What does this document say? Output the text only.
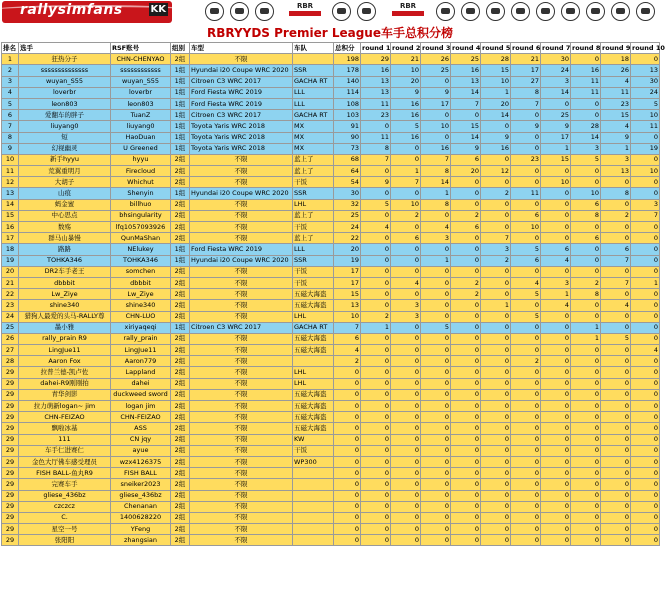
rallysimfans	KK	RBR	RBR
RBRYYDS Premier League车手总积分榜
排名	选手	RSF账号	组别	车型	车队	总积分	round 1	round 2	round 3	round 4	round 5	round 6	round 7	round 8	round 9	round 10
1	狂热分子	CHN-CHENYAO	2组	不限		198	29	21	26	25	28	21	30	0	18	0
2	ssssssssssssss	ssssssssssss	1组	Hyundai i20 Coupe WRC 2020	SSR	178	16	10	25	16	15	17	24	16	26	13
3	wuyan_S55	wuyan_S55	1组	Citroen C3 WRC 2017	GACHA RT	140	13	20	0	13	10	27	3	11	4	30
4	loverbr	loverbr	1组	Ford Fiesta WRC 2019	LLL	114	13	9	9	14	1	8	14	11	11	24
5	leon803	leon803	1组	Ford Fiesta WRC 2019	LLL	108	11	16	17	7	20	7	0	0	23	5
6	爱翻车的胖子	TuanZ	1组	Citroen C3 WRC 2017	GACHA RT	103	23	16	0	0	14	0	25	0	15	10
7	liuyang0	liuyang0	1组	Toyota Yaris WRC 2018	MX	91	0	5	10	15	0	9	9	28	4	11
8	短	HaoDuan	1组	Toyota Yaris WRC 2018	MX	90	11	16	0	14	9	0	17	14	9	0
9	幻视幽灵	U Greened	1组	Toyota Yaris WRC 2018	MX	73	8	0	16	9	16	0	1	3	1	19
10	新手hyyu	hyyu	2组	不限	蓝上了	68	7	0	7	6	0	23	15	5	3	0
11	荒翼重明月	Firecloud	2组	不限	蓝上了	64	0	1	8	20	12	0	0	0	13	10
12	大胡子	Whichut	2组	不限	干饭	54	9	7	14	0	0	0	10	0	0	0
13	山痕	Shenyin	1组	Hyundai i20 Coupe WRC 2020	SSR	30	0	0	1	0	2	11	0	10	8	0
14	蚂金蜜	billhuo	2组	不限	LHL	32	5	10	8	0	0	0	0	6	0	3
15	中心思点	bhsingularity	2组	不限	蓝上了	25	0	2	0	2	0	6	0	8	2	7
16	数殇	lfq1057093926	2组	不限	干饭	24	4	0	4	6	0	10	0	0	0	0
17	群马山暴慢	QunMaShan	2组	不限	蓝上了	22	0	6	3	0	7	0	0	6	0	0
18	路路	NElukey	1组	Ford Fiesta WRC 2019	LLL	20	0	0	0	0	3	5	6	0	6	0
19	TOHKA346	TOHKA346	1组	Hyundai i20 Coupe WRC 2020	SSR	19	0	0	1	0	2	6	4	0	7	0
20	DR2车手老王	somchen	2组	不限	干饭	17	0	0	0	0	0	0	0	0	0	0
21	dbbbit	dbbbit	2组	不限	干饭	17	0	4	0	2	0	4	3	2	7	1
22	Lw_Ziye	Lw_Ziye	2组	不限	五磁大海盗	15	0	0	0	2	0	5	1	8	0	0
23	shine340	shine340	2组	不限	五磁大海盗	13	0	3	0	0	1	0	4	0	4	0
24	猎狗人最爱的头马-RALLY尊	CHN-LUO	2组	不限	LHL	10	2	3	0	0	0	5	0	0	0	0
25	墨小雅	xiriyaqeqi	1组	Citroen C3 WRC 2017	GACHA RT	7	1	0	5	0	0	0	0	1	0	0
26	rally_prain R9	rally_prain	2组	不限	五磁大海盗	6	0	0	0	0	0	0	0	1	5	0
27	LingJue11	LingJue11	2组	不限	五磁大海盗	4	0	0	0	0	0	0	0	0	0	4
28	Aaron Fox	Aaron779	2组	不限		2	0	0	0	0	0	2	0	0	0	0
29	拉普兰德-凯卢佐	Lappland	2组	不限	LHL	0	0	0	0	0	0	0	0	0	0	0
29	dahei-R9刚刚拍	dahei	2组	不限	LHL	0	0	0	0	0	0	0	0	0	0	0
29	青华剑影	duckweed sword	2组	不限	五磁大海盗	0	0	0	0	0	0	0	0	0	0	0
29	拉力萌新logan~ jim	logan jim	2组	不限	五磁大海盗	0	0	0	0	0	0	0	0	0	0	0
29	CHN-FEIZAO	CHN-FEIZAO	2组	不限	五磁大海盗	0	0	0	0	0	0	0	0	0	0	0
29	飘啦冰基	ASS	2组	不限	五磁大海盗	0	0	0	0	0	0	0	0	0	0	0
29	111	CN jqy	2组	不限	KW	0	0	0	0	0	0	0	0	0	0	0
29	车手仁进赛仁	ayue	2组	不限	干饭	0	0	0	0	0	0	0	0	0	0	0
29	金色大厅佛车感受理员	wzx4126375	2组	不限	WP300	0	0	0	0	0	0	0	0	0	0	0
29	FISH BALL-鱼丸R9	FISH BALL	2组	不限		0	0	0	0	0	0	0	0	0	0	0
29	完赛车手	sneiker2023	2组	不限		0	0	0	0	0	0	0	0	0	0	0
29	gliese_436bz	gliese_436bz	2组	不限		0	0	0	0	0	0	0	0	0	0	0
29	czczcz	Chenanan	2组	不限		0	0	0	0	0	0	0	0	0	0	0
29	C.	1400628220	2组	不限		0	0	0	0	0	0	0	0	0	0	0
29	星空一号	YFeng	2组	不限		0	0	0	0	0	0	0	0	0	0	0
29	张阳阳	zhangsian	2组	不限		0	0	0	0	0	0	0	0	0	0	0
